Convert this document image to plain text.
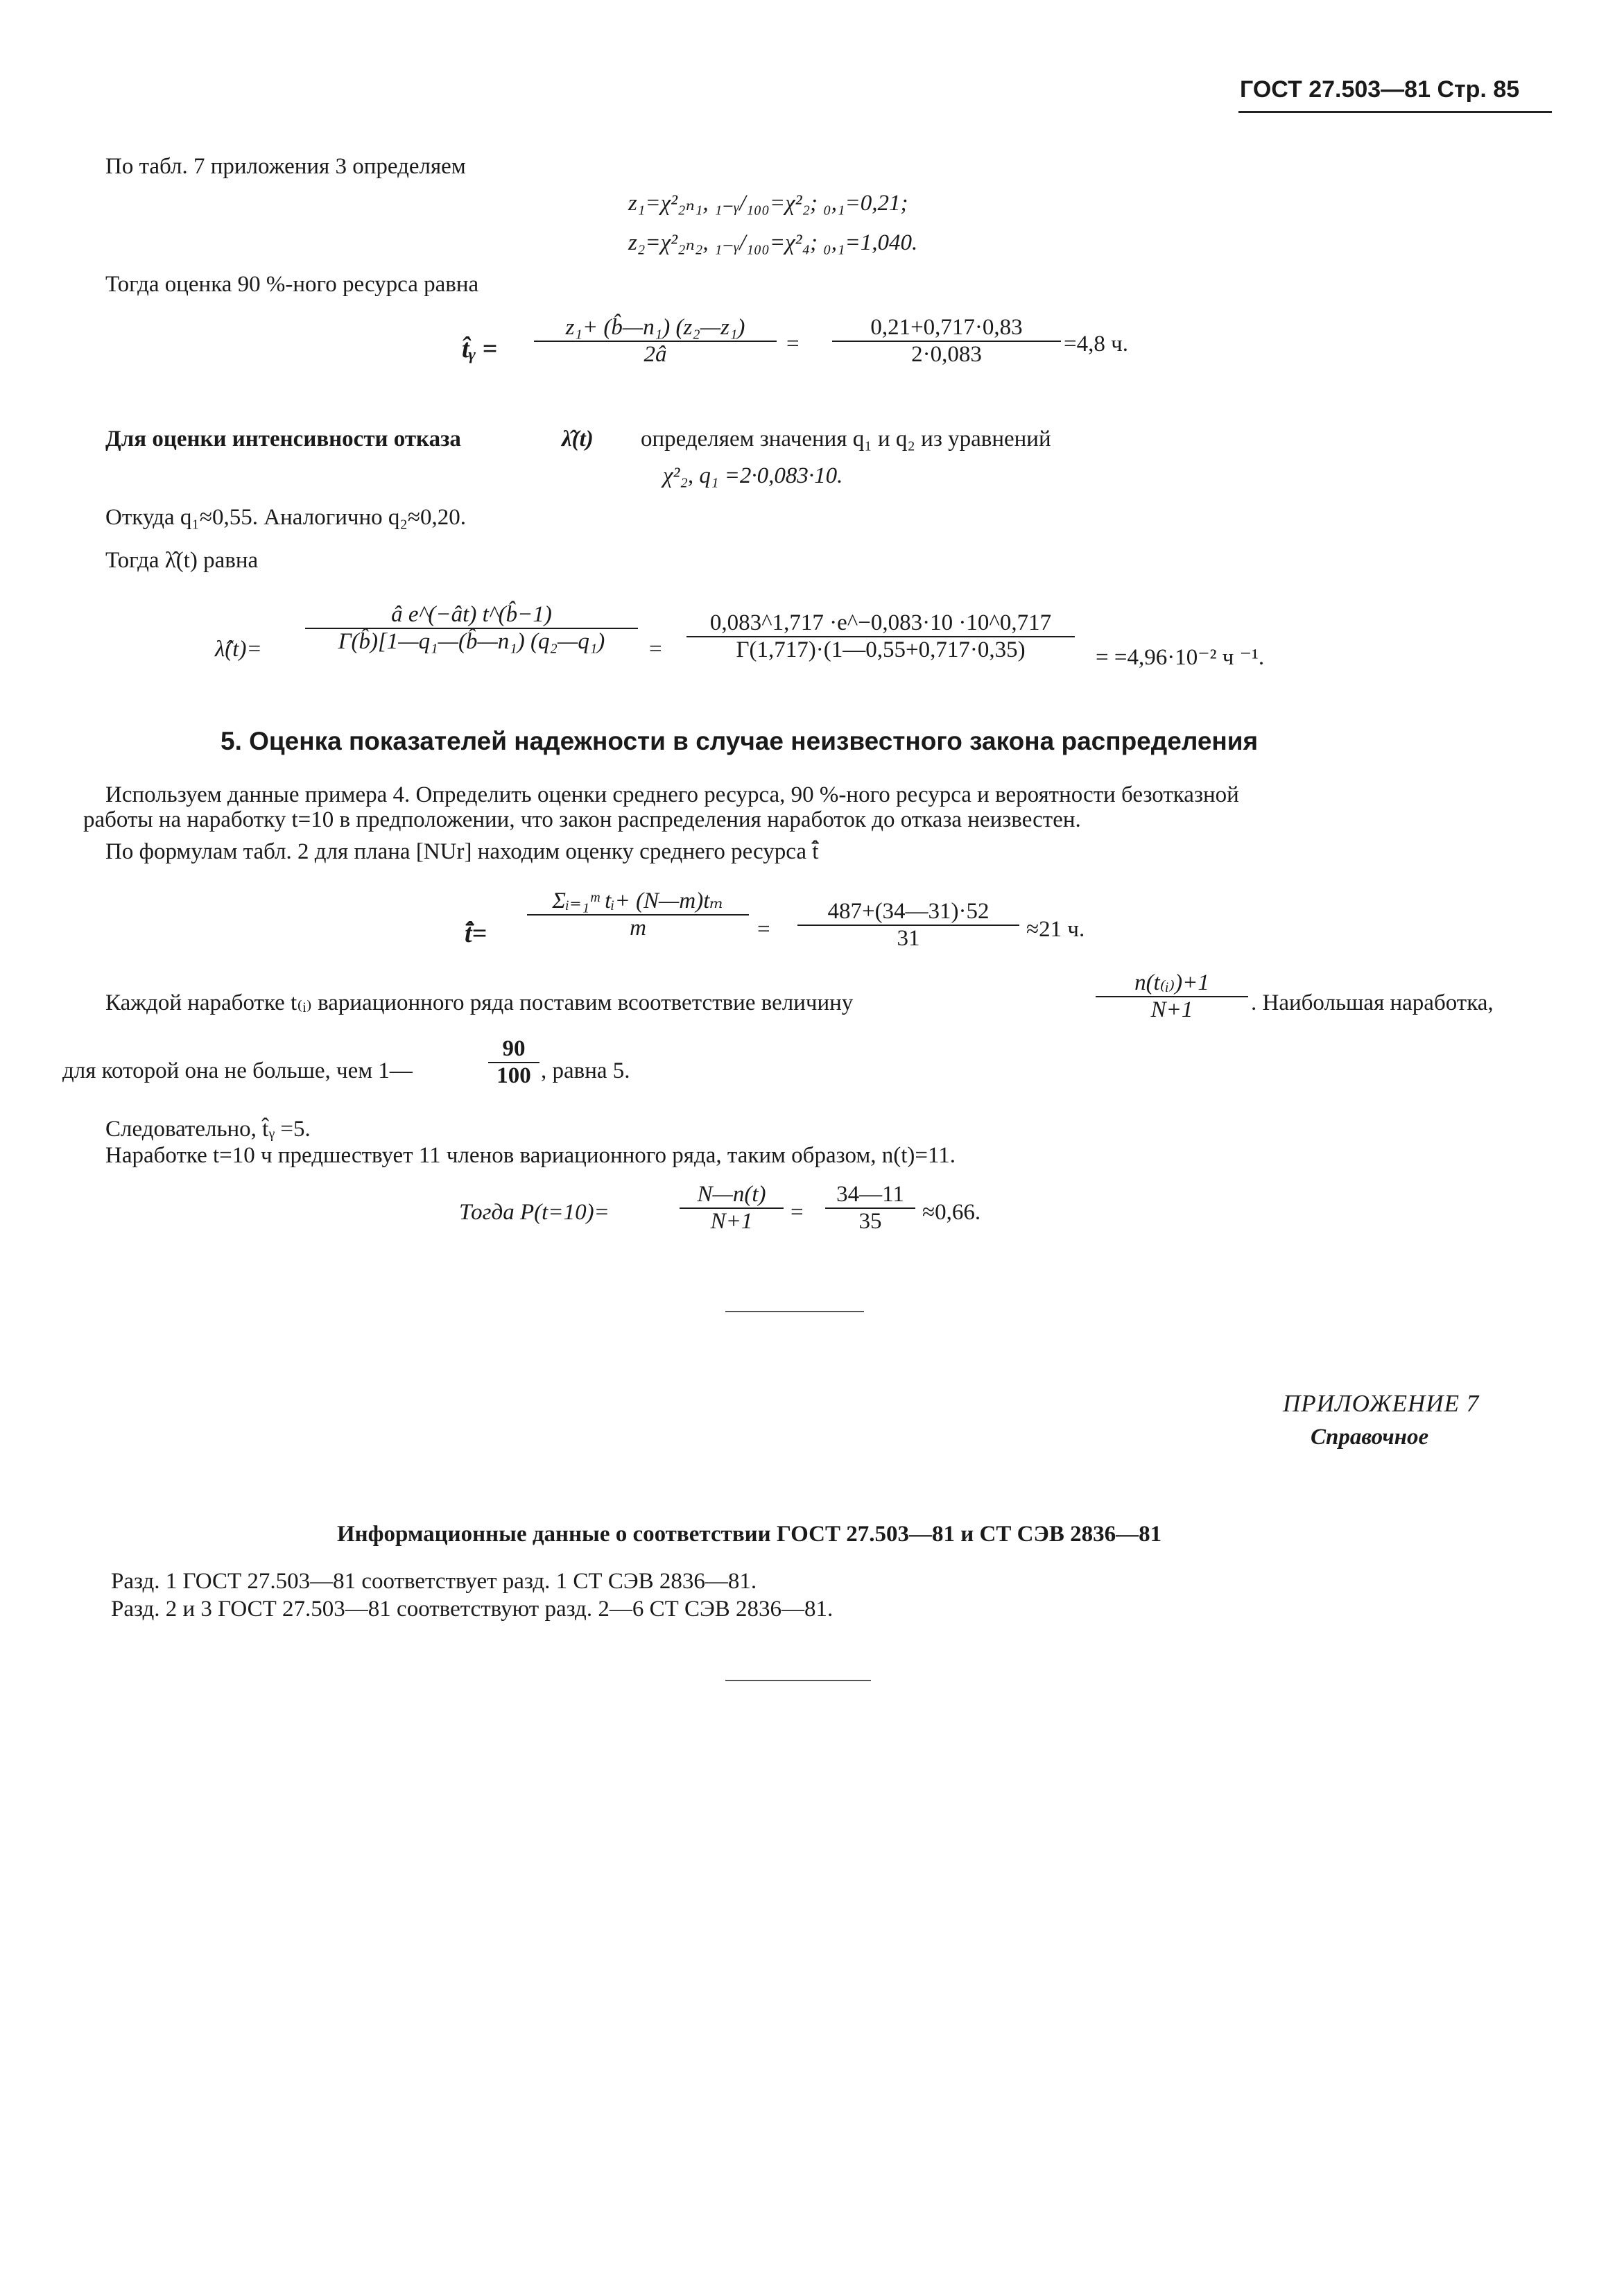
ГОСТ 27.503—81 Стр. 85
По табл. 7 приложения 3 определяем
z₁=χ²₂ₙ₁, ₁₋ᵧ/₁₀₀=χ²₂; ₀,₁=0,21;
z₂=χ²₂ₙ₂, ₁₋ᵧ/₁₀₀=χ²₄; ₀,₁=1,040.
Тогда оценка 90 %-ного ресурса равна
t̂ᵧ = $\frac{\text{z₁+ (b̂—n₁) (z₂—z₁)}}{2â} = \frac{0,21+0,717\cdot 0,83}{2\cdot 0,083} =4,8$ ч.
Для оценки интенсивности отказа	λ̂(t) определяем значения q₁ и q₂ из уравнений
χ²₂, q₁ =2·0,083·10.
Откуда q₁≈0,55. Аналогично q₂≈0,20.
Тогда λ̂(t) равна
λ̂(t)= $\frac{\text{â e\textasciicircum{}(−ât) t\textasciicircum{}(b̂−1)}}{\text{Γ(b̂)[1—q₁—(b̂—n₁) (q₂—q₁)}} = \frac{0,083\^{}1,717 \cdot e\^{}-0,083\cdot 10 \cdot 10\^{}0,717}{\Gamma(1,717)\cdot(1—0,55+0,717\cdot 0,35)} = =4,96\cdot 10^{-2}$ ч ⁻¹.
5. Оценка показателей надежности в случае неизвестного закона распределения
Используем данные примера 4. Определить оценки среднего ресурса, 90 %-ного ресурса и вероятности безотказной
работы на наработку t=10 в предположении, что закон распределения наработок до отказа неизвестен.
По формулам табл. 2 для плана [NUr] находим оценку среднего ресурса t̄̂
t̄̂= $\frac{\text{Σᵢ₌₁ᵐ tᵢ+ (N—m)tₘ}}{m} = \frac{487+(34—31)\cdot 52}{31} \approx 21$ ч.
Каждой наработке t₍ᵢ₎ вариационного ряда поставим всоответствие величину	$\frac{\text{n(t₍ᵢ₎)+1}}{N+1}$ . Наибольшая наработка,
для которой она не больше, чем 1—	$\frac{90}{100}$ , равна 5.
Следовательно, t̂ᵧ =5.
Наработке t=10 ч предшествует 11 членов вариационного ряда, таким образом, n(t)=11.
Тогда P(t=10)=	$\frac{N—n(t)}{N+1} = \frac{34—11}{35} \approx 0,66$.
ПРИЛОЖЕНИЕ 7
Справочное
Информационные данные о соответствии ГОСТ 27.503—81 и СТ СЭВ 2836—81
Разд. 1 ГОСТ 27.503—81 соответствует разд. 1 СТ СЭВ 2836—81.
Разд. 2 и 3 ГОСТ 27.503—81 соответствуют разд. 2—6 СТ СЭВ 2836—81.
